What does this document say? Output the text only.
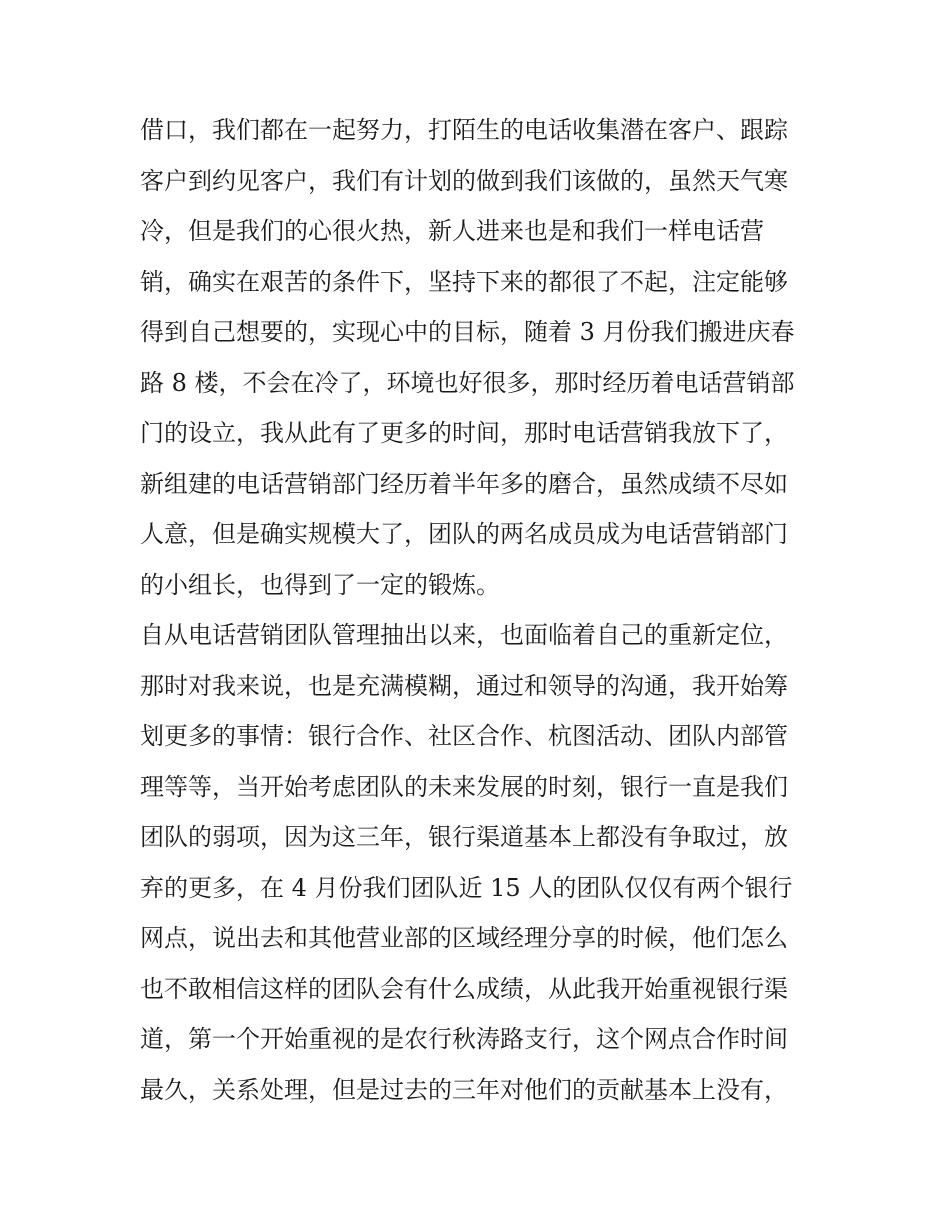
借口，我们都在一起努力，打陌生的电话收集潜在客户、跟踪
客户到约见客户，我们有计划的做到我们该做的，虽然天气寒
冷，但是我们的心很火热，新人进来也是和我们一样电话营
销，确实在艰苦的条件下，坚持下来的都很了不起，注定能够
得到自己想要的，实现心中的目标，随着 3 月份我们搬进庆春
路 8 楼，不会在冷了，环境也好很多，那时经历着电话营销部
门的设立，我从此有了更多的时间，那时电话营销我放下了，
新组建的电话营销部门经历着半年多的磨合，虽然成绩不尽如
人意，但是确实规模大了，团队的两名成员成为电话营销部门
的小组长，也得到了一定的锻炼。
自从电话营销团队管理抽出以来，也面临着自己的重新定位，
那时对我来说，也是充满模糊，通过和领导的沟通，我开始筹
划更多的事情：银行合作、社区合作、杭图活动、团队内部管
理等等，当开始考虑团队的未来发展的时刻，银行一直是我们
团队的弱项，因为这三年，银行渠道基本上都没有争取过，放
弃的更多，在 4 月份我们团队近 15 人的团队仅仅有两个银行
网点，说出去和其他营业部的区域经理分享的时候，他们怎么
也不敢相信这样的团队会有什么成绩，从此我开始重视银行渠
道，第一个开始重视的是农行秋涛路支行，这个网点合作时间
最久，关系处理，但是过去的三年对他们的贡献基本上没有，
